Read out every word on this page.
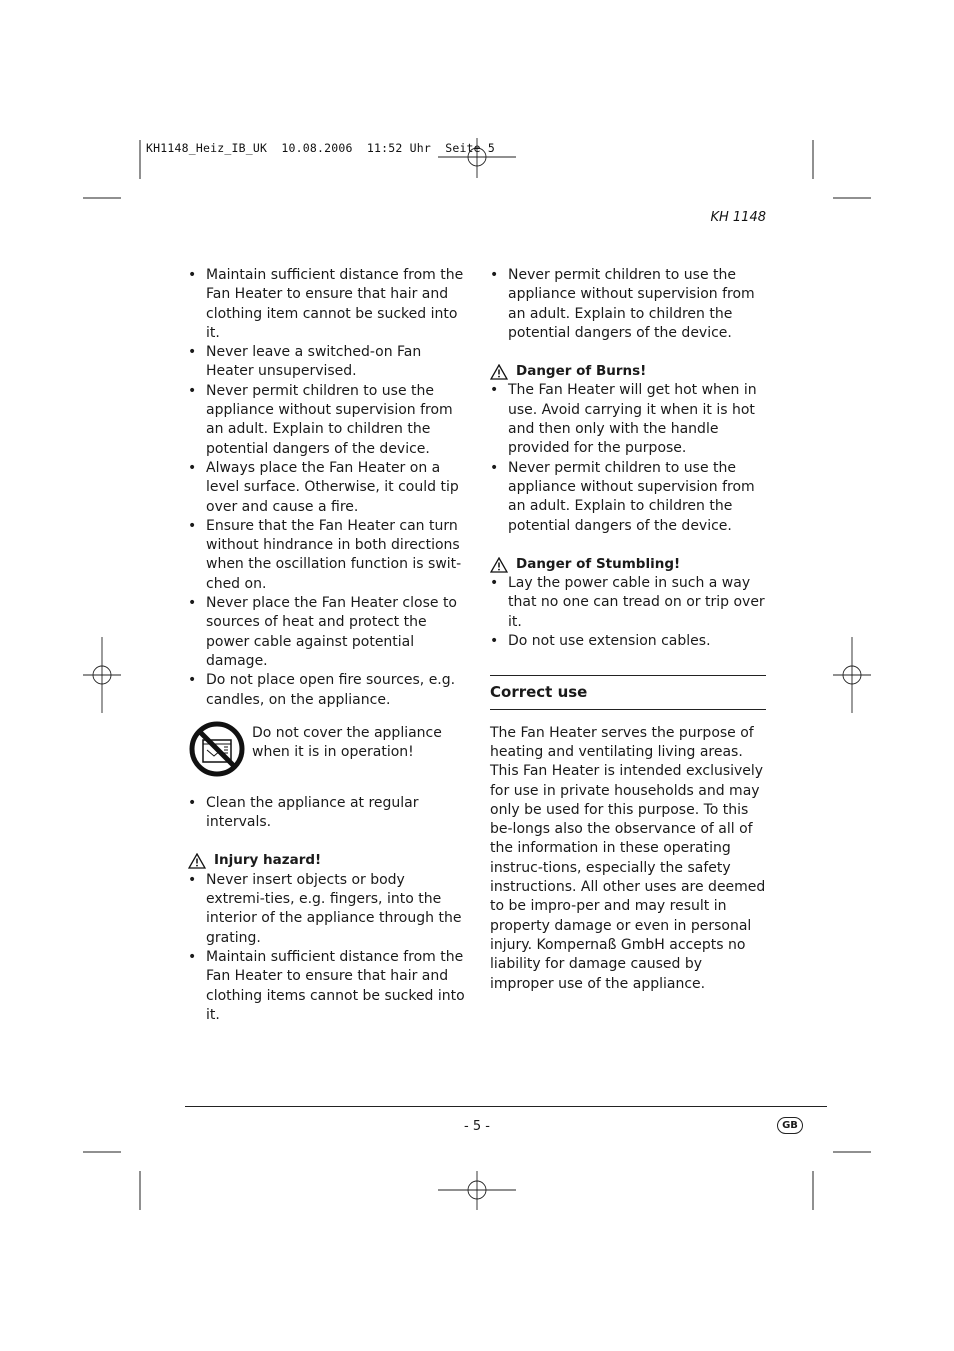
KH1148_Heiz_IB_UK  10.08.2006  11:52 Uhr  Seite 5
KH 1148
• Maintain sufficient distance from the Fan Heater to ensure that hair and clothing item cannot be sucked into it.
• Never leave a switched-on Fan Heater unsupervised.
• Never permit children to use the appliance without supervision from an adult. Explain to children the potential dangers of the device.
• Always place the Fan Heater on a level surface. Otherwise, it could tip over and cause a fire.
• Ensure that the Fan Heater can turn without hindrance in both directions when the oscillation function is swit-ched on.
• Never place the Fan Heater close to sources of heat and protect the power cable against potential damage.
• Do not place open fire sources, e.g. candles, on the appliance.
Do not cover the appliance when it is in operation!
• Clean the appliance at regular intervals.
Injury hazard!
• Never insert objects or body extremi-ties, e.g. fingers, into the interior of the appliance through the grating.
• Maintain sufficient distance from the Fan Heater to ensure that hair and clothing items cannot be sucked into it.
• Never permit children to use the appliance without supervision from an adult. Explain to children the potential dangers of the device.
Danger of Burns!
• The Fan Heater will get hot when in use. Avoid carrying it when it is hot and then only with the handle provided for the purpose.
• Never permit children to use the appliance without supervision from an adult. Explain to children the potential dangers of the device.
Danger of Stumbling!
• Lay the power cable in such a way that no one can tread on or trip over it.
• Do not use extension cables.
Correct use

The Fan Heater serves the purpose of heating and ventilating living areas. This Fan Heater is intended exclusively for use in private households and may only be used for this purpose. To this be-longs also the observance of all of the information in these operating instruc-tions, especially the safety instructions. All other uses are deemed to be impro-per and may result in property damage or even in personal injury. Kompernaß GmbH accepts no liability for damage caused by improper use of the appliance.

- 5 -	GB
